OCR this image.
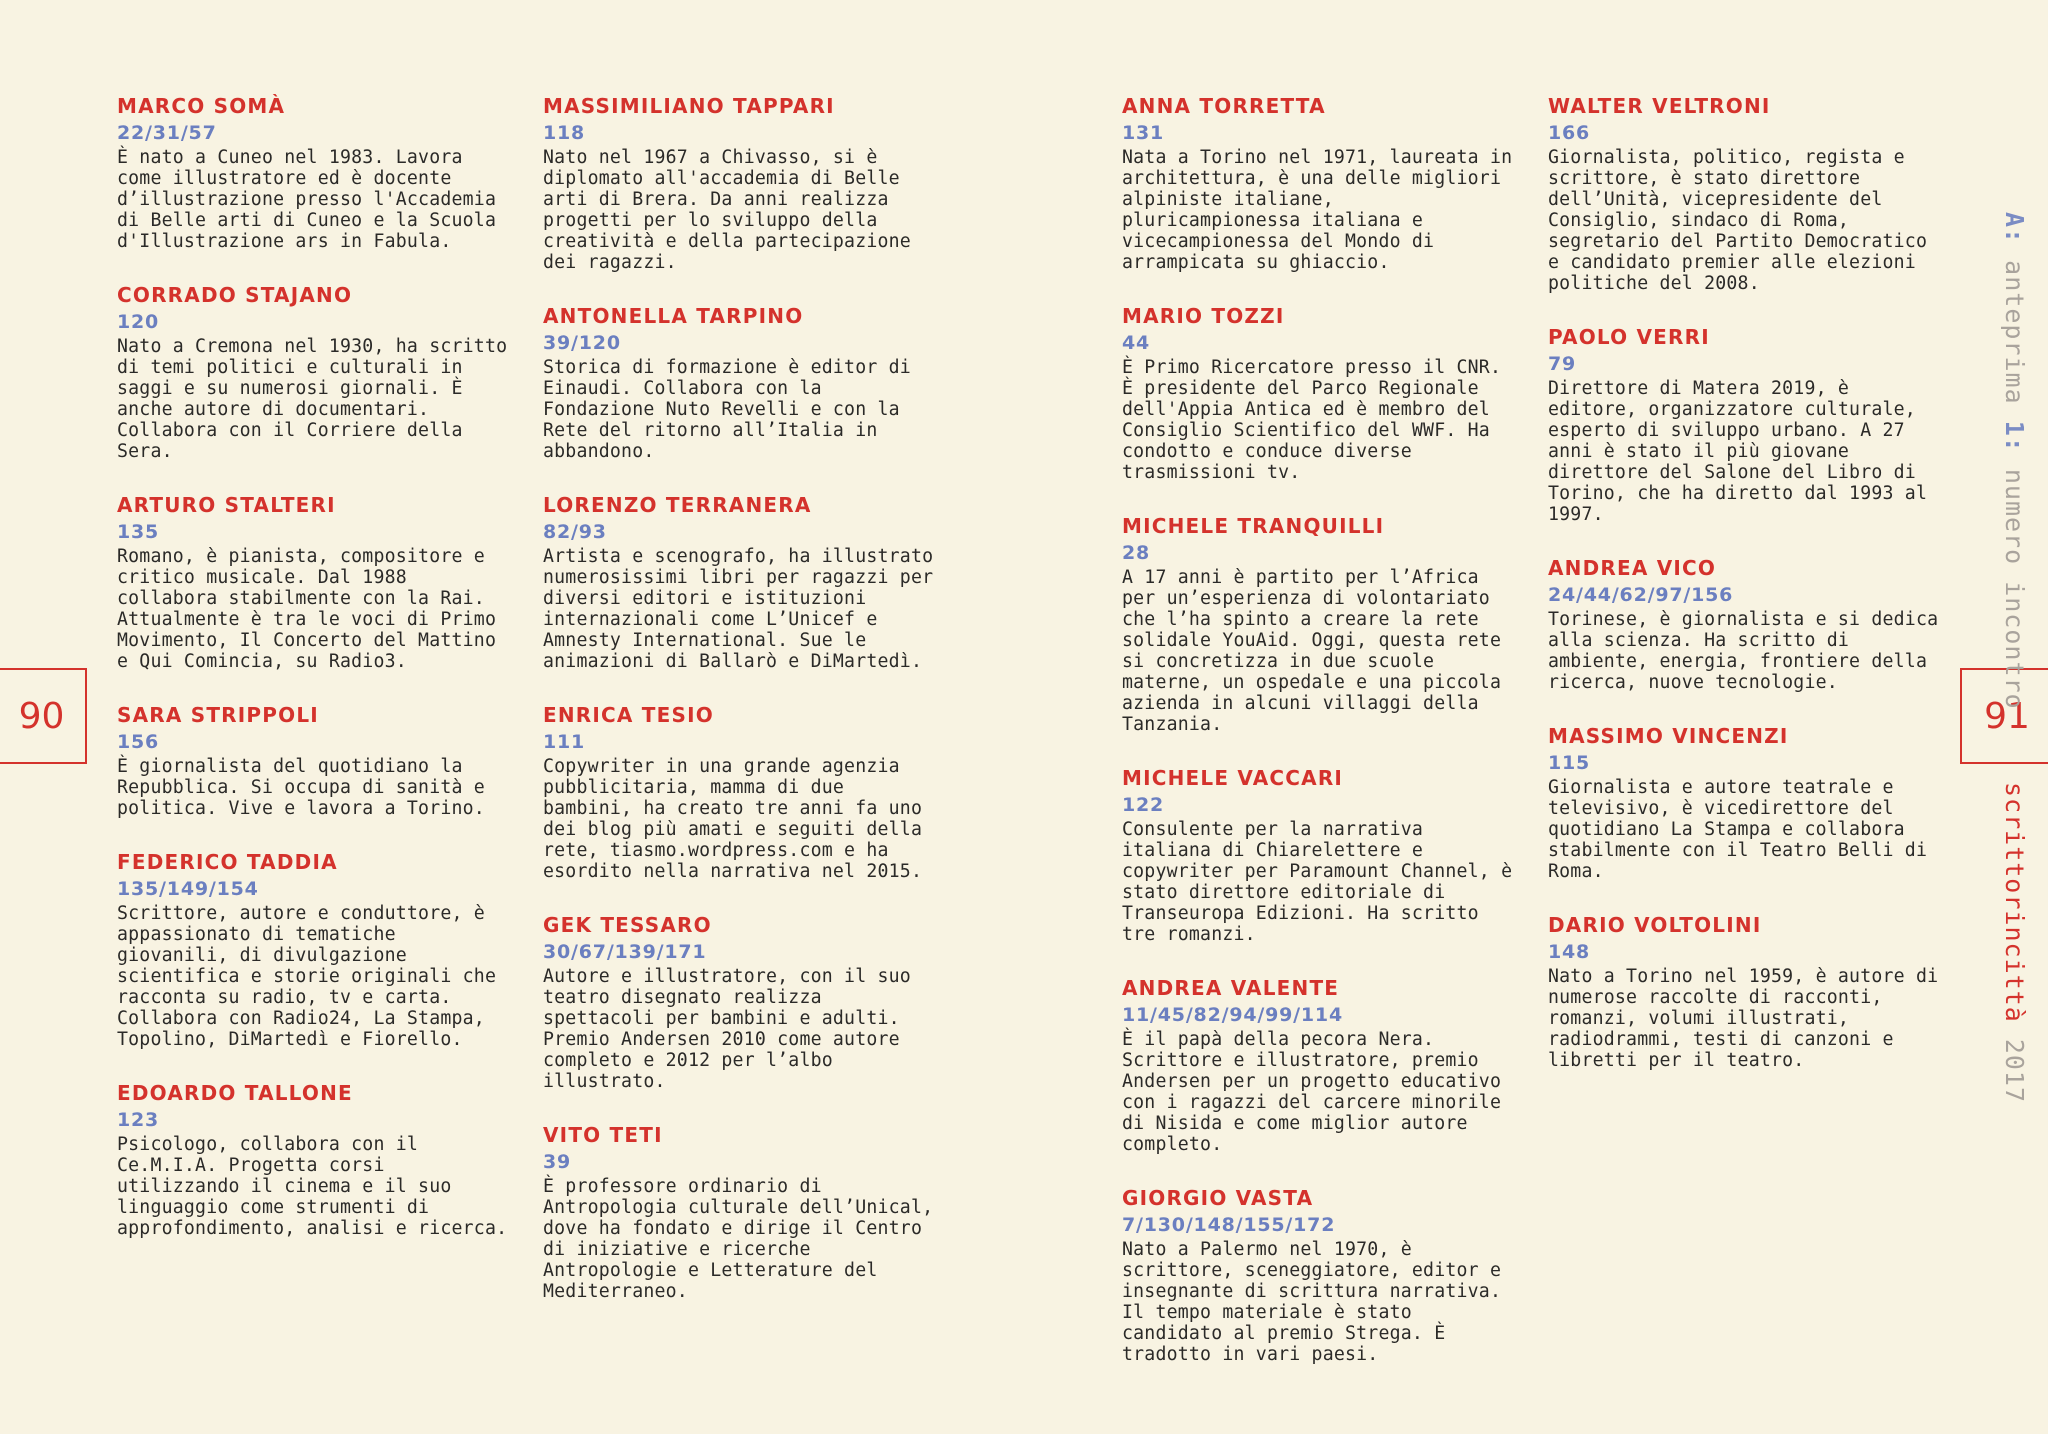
MARCO SOMÀ
22/31/57
È nato a Cuneo nel 1983. Lavora come illustratore ed è docente d’illustrazione presso l'Accademia di Belle arti di Cuneo e la Scuola d'Illustrazione ars in Fabula.
CORRADO STAJANO
120
Nato a Cremona nel 1930, ha scritto di temi politici e culturali in saggi e su numerosi giornali. È anche autore di documentari. Collabora con il Corriere della Sera.
ARTURO STALTERI
135
Romano, è pianista, compositore e critico musicale. Dal 1988 collabora stabilmente con la Rai. Attualmente è tra le voci di Primo Movimento, Il Concerto del Mattino e Qui Comincia, su Radio3.
SARA STRIPPOLI
156
È giornalista del quotidiano la Repubblica. Si occupa di sanità e politica. Vive e lavora a Torino.
FEDERICO TADDIA
135/149/154
Scrittore, autore e conduttore, è appassionato di tematiche giovanili, di divulgazione scientifica e storie originali che racconta su radio, tv e carta. Collabora con Radio24, La Stampa, Topolino, DiMartedì e Fiorello.
EDOARDO TALLONE
123
Psicologo, collabora con il Ce.M.I.A. Progetta corsi utilizzando il cinema e il suo linguaggio come strumenti di approfondimento, analisi e ricerca.
MASSIMILIANO TAPPARI
118
Nato nel 1967 a Chivasso, si è diplomato all'accademia di Belle arti di Brera. Da anni realizza progetti per lo sviluppo della creatività e della partecipazione dei ragazzi.
ANTONELLA TARPINO
39/120
Storica di formazione è editor di Einaudi. Collabora con la Fondazione Nuto Revelli e con la Rete del ritorno all’Italia in abbandono.
LORENZO TERRANERA
82/93
Artista e scenografo, ha illustrato numerosissimi libri per ragazzi per diversi editori e istituzioni internazionali come L’Unicef e Amnesty International. Sue le animazioni di Ballarò e DiMartedì.
ENRICA TESIO
111
Copywriter in una grande agenzia pubblicitaria, mamma di due bambini, ha creato tre anni fa uno dei blog più amati e seguiti della rete, tiasmo.wordpress.com e ha esordito nella narrativa nel 2015.
GEK TESSARO
30/67/139/171
Autore e illustratore, con il suo teatro disegnato realizza spettacoli per bambini e adulti. Premio Andersen 2010 come autore completo e 2012 per l’albo illustrato.
VITO TETI
39
È professore ordinario di Antropologia culturale dell’Unical, dove ha fondato e dirige il Centro di iniziative e ricerche Antropologie e Letterature del Mediterraneo.
ANNA TORRETTA
131
Nata a Torino nel 1971, laureata in architettura, è una delle migliori alpiniste italiane, pluricampionessa italiana e vicecampionessa del Mondo di arrampicata su ghiaccio.
MARIO TOZZI
44
È Primo Ricercatore presso il CNR. È presidente del Parco Regionale dell'Appia Antica ed è membro del Consiglio Scientifico del WWF. Ha condotto e conduce diverse trasmissioni tv.
MICHELE TRANQUILLI
28
A 17 anni è partito per l’Africa per un’esperienza di volontariato che l’ha spinto a creare la rete solidale YouAid. Oggi, questa rete si concretizza in due scuole materne, un ospedale e una piccola azienda in alcuni villaggi della Tanzania.
MICHELE VACCARI
122
Consulente per la narrativa italiana di Chiarelettere e copywriter per Paramount Channel, è stato direttore editoriale di Transeuropa Edizioni. Ha scritto tre romanzi.
ANDREA VALENTE
11/45/82/94/99/114
È il papà della pecora Nera. Scrittore e illustratore, premio Andersen per un progetto educativo con i ragazzi del carcere minorile di Nisida e come miglior autore completo.
GIORGIO VASTA
7/130/148/155/172
Nato a Palermo nel 1970, è scrittore, sceneggiatore, editor e insegnante di scrittura narrativa. Il tempo materiale è stato candidato al premio Strega. È tradotto in vari paesi.
WALTER VELTRONI
166
Giornalista, politico, regista e scrittore, è stato direttore dell’Unità, vicepresidente del Consiglio, sindaco di Roma, segretario del Partito Democratico e candidato premier alle elezioni politiche del 2008.
PAOLO VERRI
79
Direttore di Matera 2019, è editore, organizzatore culturale, esperto di sviluppo urbano. A 27 anni è stato il più giovane direttore del Salone del Libro di Torino, che ha diretto dal 1993 al 1997.
ANDREA VICO
24/44/62/97/156
Torinese, è giornalista e si dedica alla scienza. Ha scritto di ambiente, energia, frontiere della ricerca, nuove tecnologie.
MASSIMO VINCENZI
115
Giornalista e autore teatrale e televisivo, è vicedirettore del quotidiano La Stampa e collabora stabilmente con il Teatro Belli di Roma.
DARIO VOLTOLINI
148
Nato a Torino nel 1959, è autore di numerose raccolte di racconti, romanzi, volumi illustrati, radiodrammi, testi di canzoni e libretti per il teatro.
90	91
A: anteprima 1: numero incontro
scrittorincittà 2017
